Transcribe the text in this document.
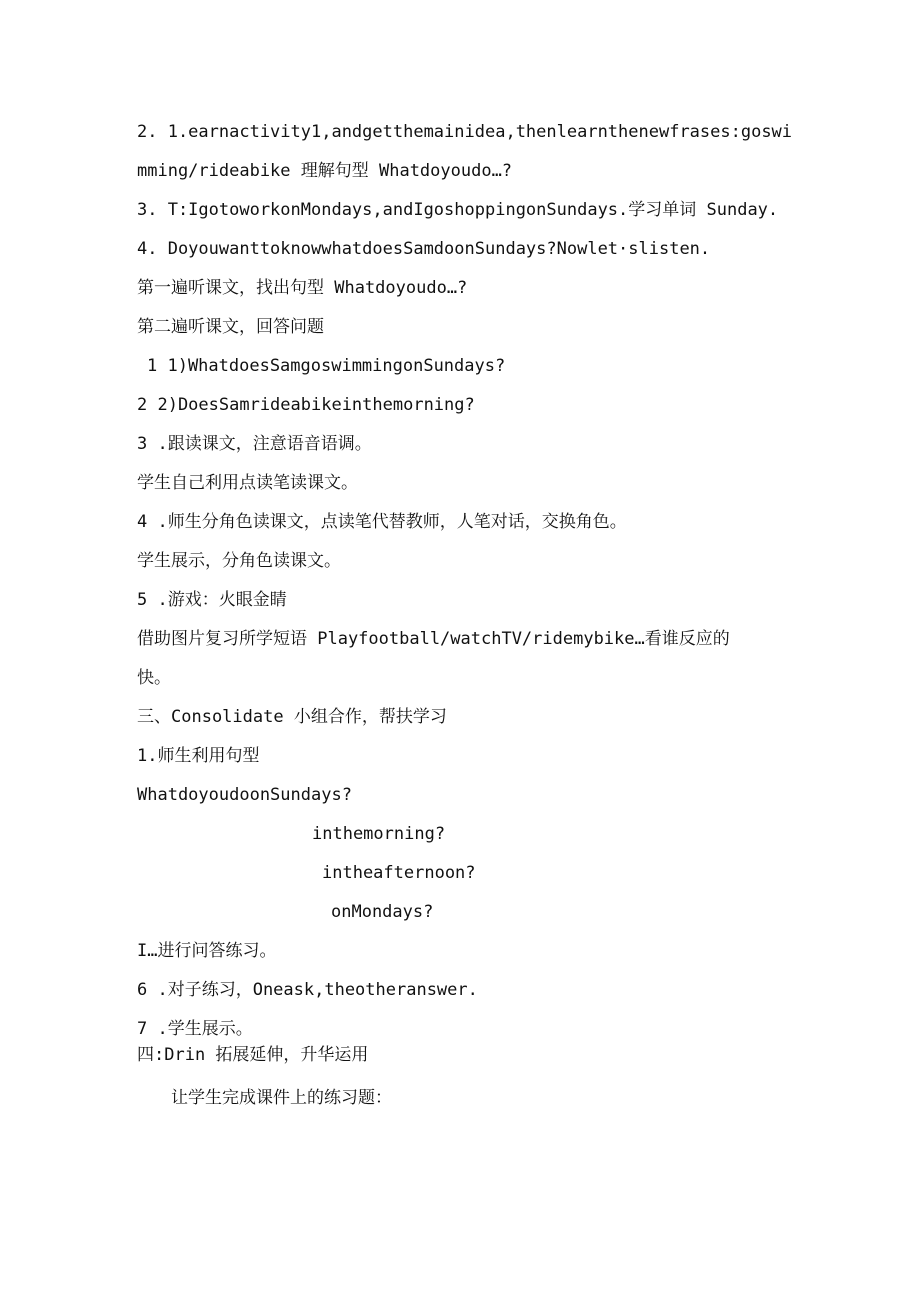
2. 1.earnactivity1,andgetthemainidea,thenlearnthenewfrases:goswi
mming/rideabike 理解句型 Whatdoyoudo…?
3. T:IgotoworkonMondays,andIgoshoppingonSundays.学习单词 Sunday.
4. DoyouwanttoknowwhatdoesSamdoonSundays?Nowlet·slisten.
第一遍听课文，找出句型 Whatdoyoudo…?
第二遍听课文，回答问题
1 1)WhatdoesSamgoswimmingonSundays?
2 2)DoesSamrideabikeinthemorning?
3 .跟读课文，注意语音语调。
学生自己利用点读笔读课文。
4 .师生分角色读课文，点读笔代替教师，人笔对话，交换角色。
学生展示，分角色读课文。
5 .游戏：火眼金睛
借助图片复习所学短语 Playfootball/watchTV/ridemybike…看谁反应的
快。
三、Consolidate 小组合作，帮扶学习
1.师生利用句型
WhatdoyoudoonSundays?
inthemorning?
intheafternoon?
onMondays?
I…进行问答练习。
6 .对子练习，Oneask,theotheranswer.
7 .学生展示。
四:Drin 拓展延伸，升华运用
让学生完成课件上的练习题：
